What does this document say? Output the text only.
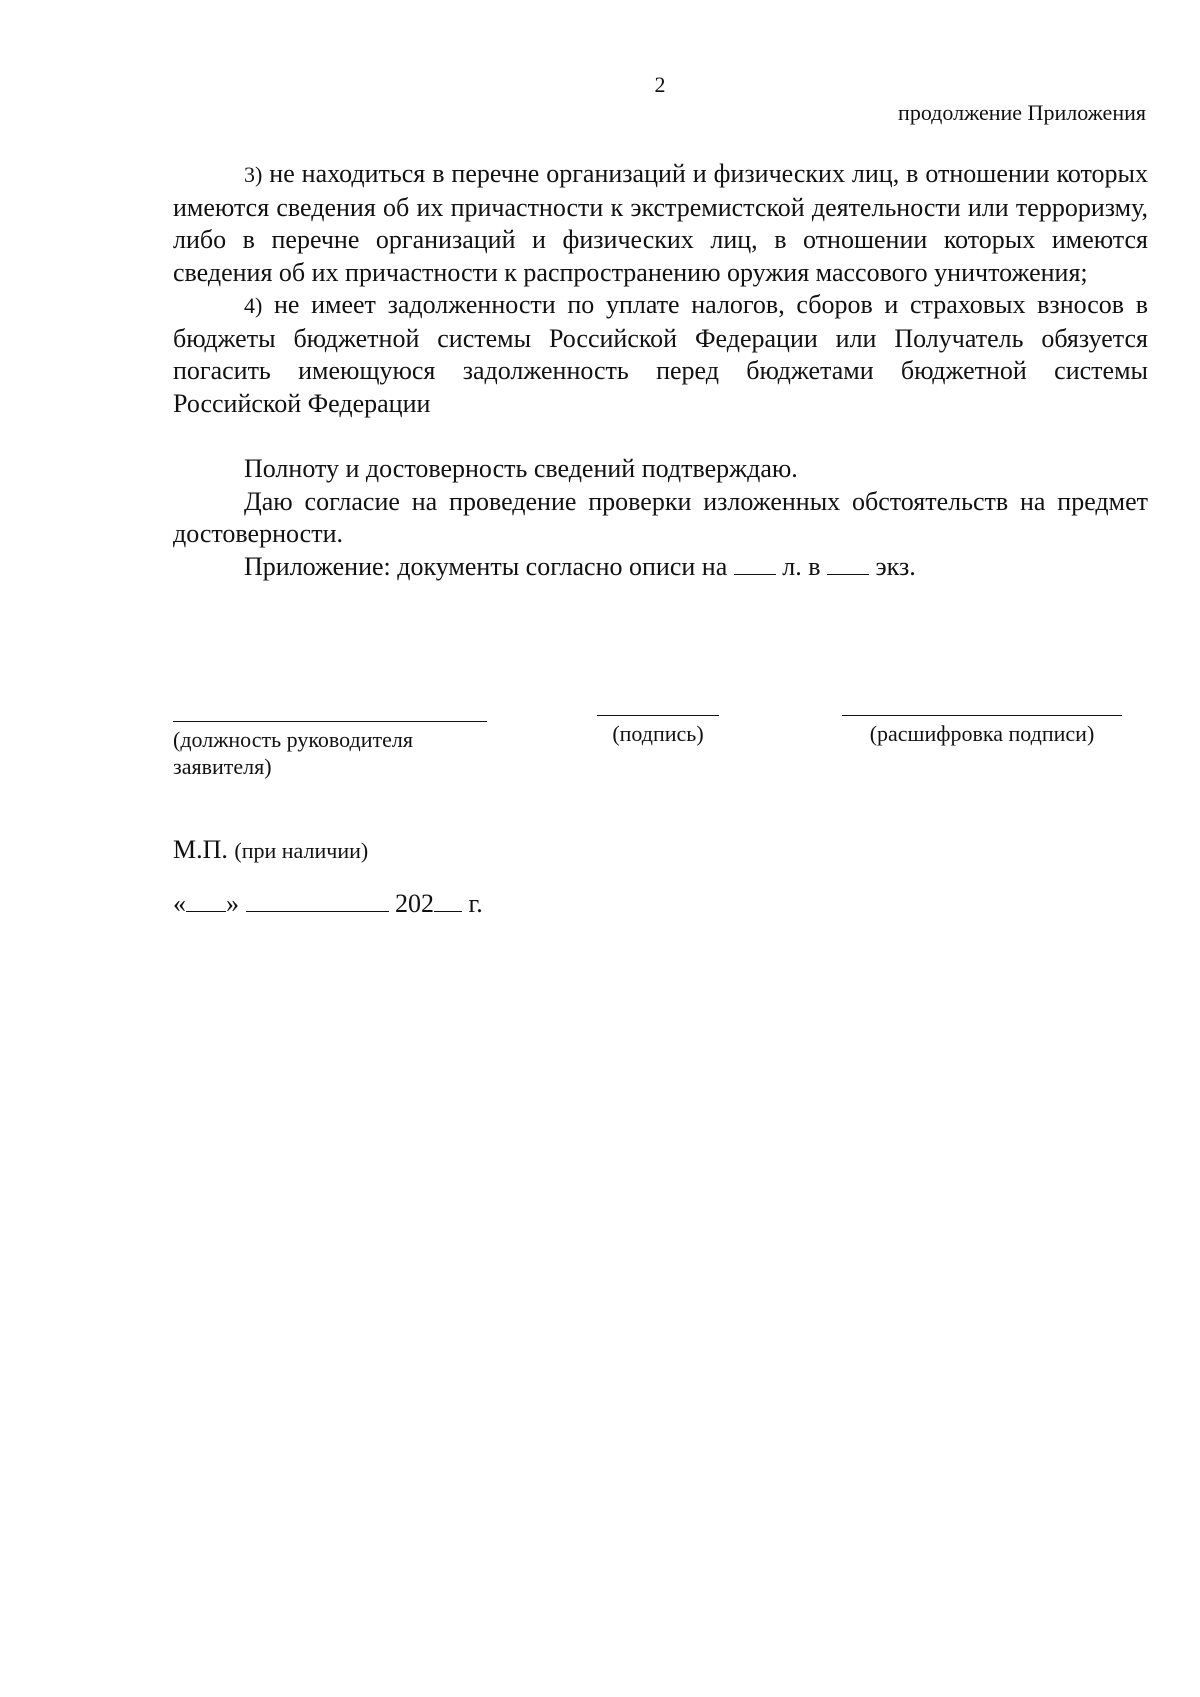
2
продолжение Приложения

3) не находиться в перечне организаций и физических лиц, в отношении которых имеются сведения об их причастности к экстремистской деятельности или терроризму, либо в перечне организаций и физических лиц, в отношении которых имеются сведения об их причастности к распространению оружия массового уничтожения;

4) не имеет задолженности по уплате налогов, сборов и страховых взносов в бюджеты бюджетной системы Российской Федерации или Получатель обязуется погасить имеющуюся задолженность перед бюджетами бюджетной системы Российской Федерации

Полноту и достоверность сведений подтверждаю.

Даю согласие на проведение проверки изложенных обстоятельств на предмет достоверности.

Приложение: документы согласно описи на л. в экз.

(должность руководителя заявителя)
(подпись)	(расшифровка подписи)
М.П. (при наличии)
« »	202 г.
